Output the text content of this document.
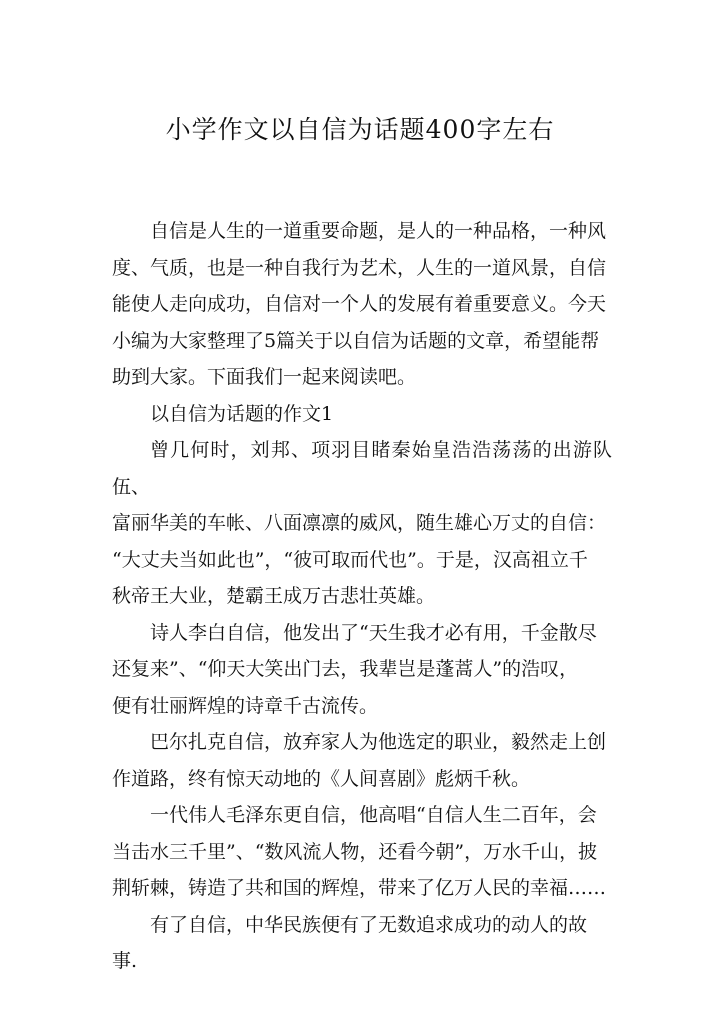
小学作文以自信为话题400字左右

自信是人生的一道重要命题，是人的一种品格，一种风
度、气质，也是一种自我行为艺术，人生的一道风景，自信
能使人走向成功，自信对一个人的发展有着重要意义。今天
小编为大家整理了5篇关于以自信为话题的文章，希望能帮
助到大家。下面我们一起来阅读吧。

以自信为话题的作文1

曾几何时，刘邦、项羽目睹秦始皇浩浩荡荡的出游队伍、
富丽华美的车帐、八面凛凛的威风，随生雄心万丈的自信：
“大丈夫当如此也”，“彼可取而代也”。于是，汉高祖立千
秋帝王大业，楚霸王成万古悲壮英雄。

诗人李白自信，他发出了“天生我才必有用，千金散尽
还复来”、“仰天大笑出门去，我辈岂是蓬蒿人”的浩叹，
便有壮丽辉煌的诗章千古流传。

巴尔扎克自信，放弃家人为他选定的职业，毅然走上创
作道路，终有惊天动地的《人间喜剧》彪炳千秋。

一代伟人毛泽东更自信，他高唱“自信人生二百年，会
当击水三千里”、“数风流人物，还看今朝”，万水千山，披
荆斩棘，铸造了共和国的辉煌，带来了亿万人民的幸福……

有了自信，中华民族便有了无数追求成功的动人的故事.
